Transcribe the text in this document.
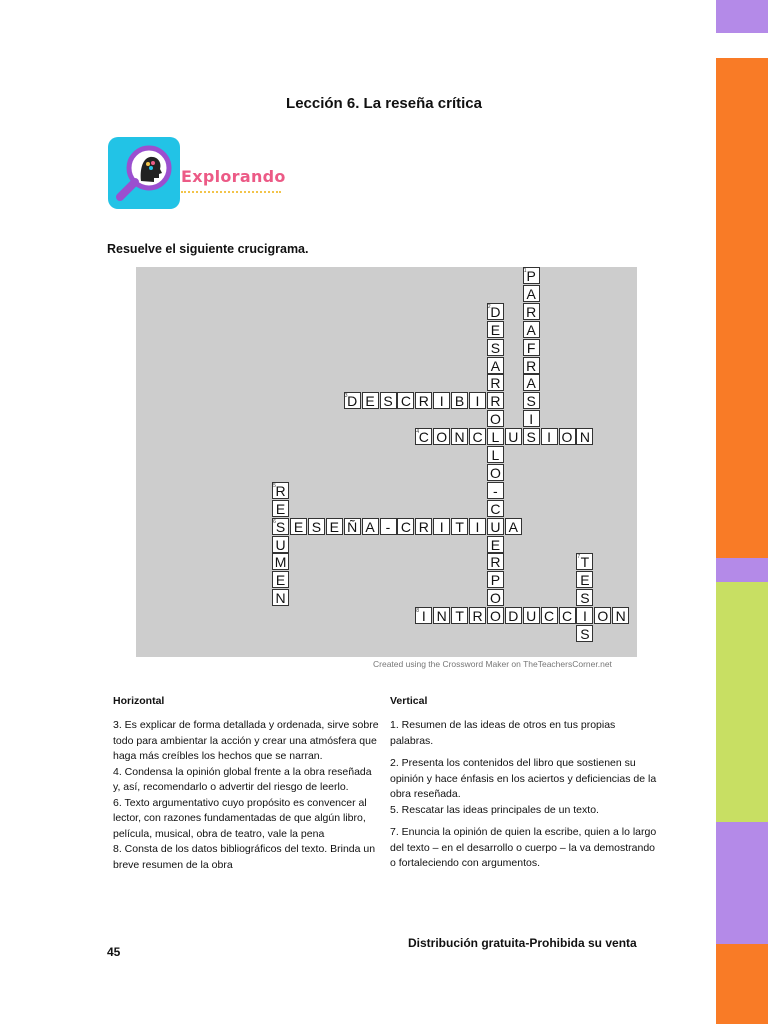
Lección 6. La reseña crítica
Explorando
Resuelve el siguiente crucigrama.
P
A
R
A
F
R
A
S
I
S
D
E
S
A
R
R
O
L
L
O
-
C
U
E
R
P
O
D E S C R I B I
C O N C U	I O N
R
E
S
U
M
E
N
E S E Ñ A - C R I T I	A
T
E
S
I
S
I N T R O D U C C O N
1
2
3
4
5
6
7
8
Created using the Crossword Maker on TheTeachersCorner.net
Horizontal	Vertical

3. Es explicar de forma detallada y ordenada, sirve sobre todo para ambientar la acción y crear una atmósfera que haga más creíbles los hechos que se narran.

4. Condensa la opinión global frente a la obra reseñada y, así, recomendarlo o advertir del riesgo de leerlo.

6. Texto argumentativo cuyo propósito es convencer al lector, con razones fundamentadas de que algún libro, película, musical, obra de teatro, vale la pena

8. Consta de los datos bibliográficos del texto. Brinda un breve resumen de la obra

1. Resumen de las ideas de otros en tus propias palabras.

2. Presenta los contenidos del libro que sostienen su opinión y hace énfasis en los aciertos y deficiencias de la obra reseñada.

5. Rescatar las ideas principales de un texto.

7. Enuncia la opinión de quien la escribe, quien a lo largo del texto – en el desarrollo o cuerpo – la va demostrando o fortaleciendo con argumentos.

45
Distribución gratuita-Prohibida su venta
